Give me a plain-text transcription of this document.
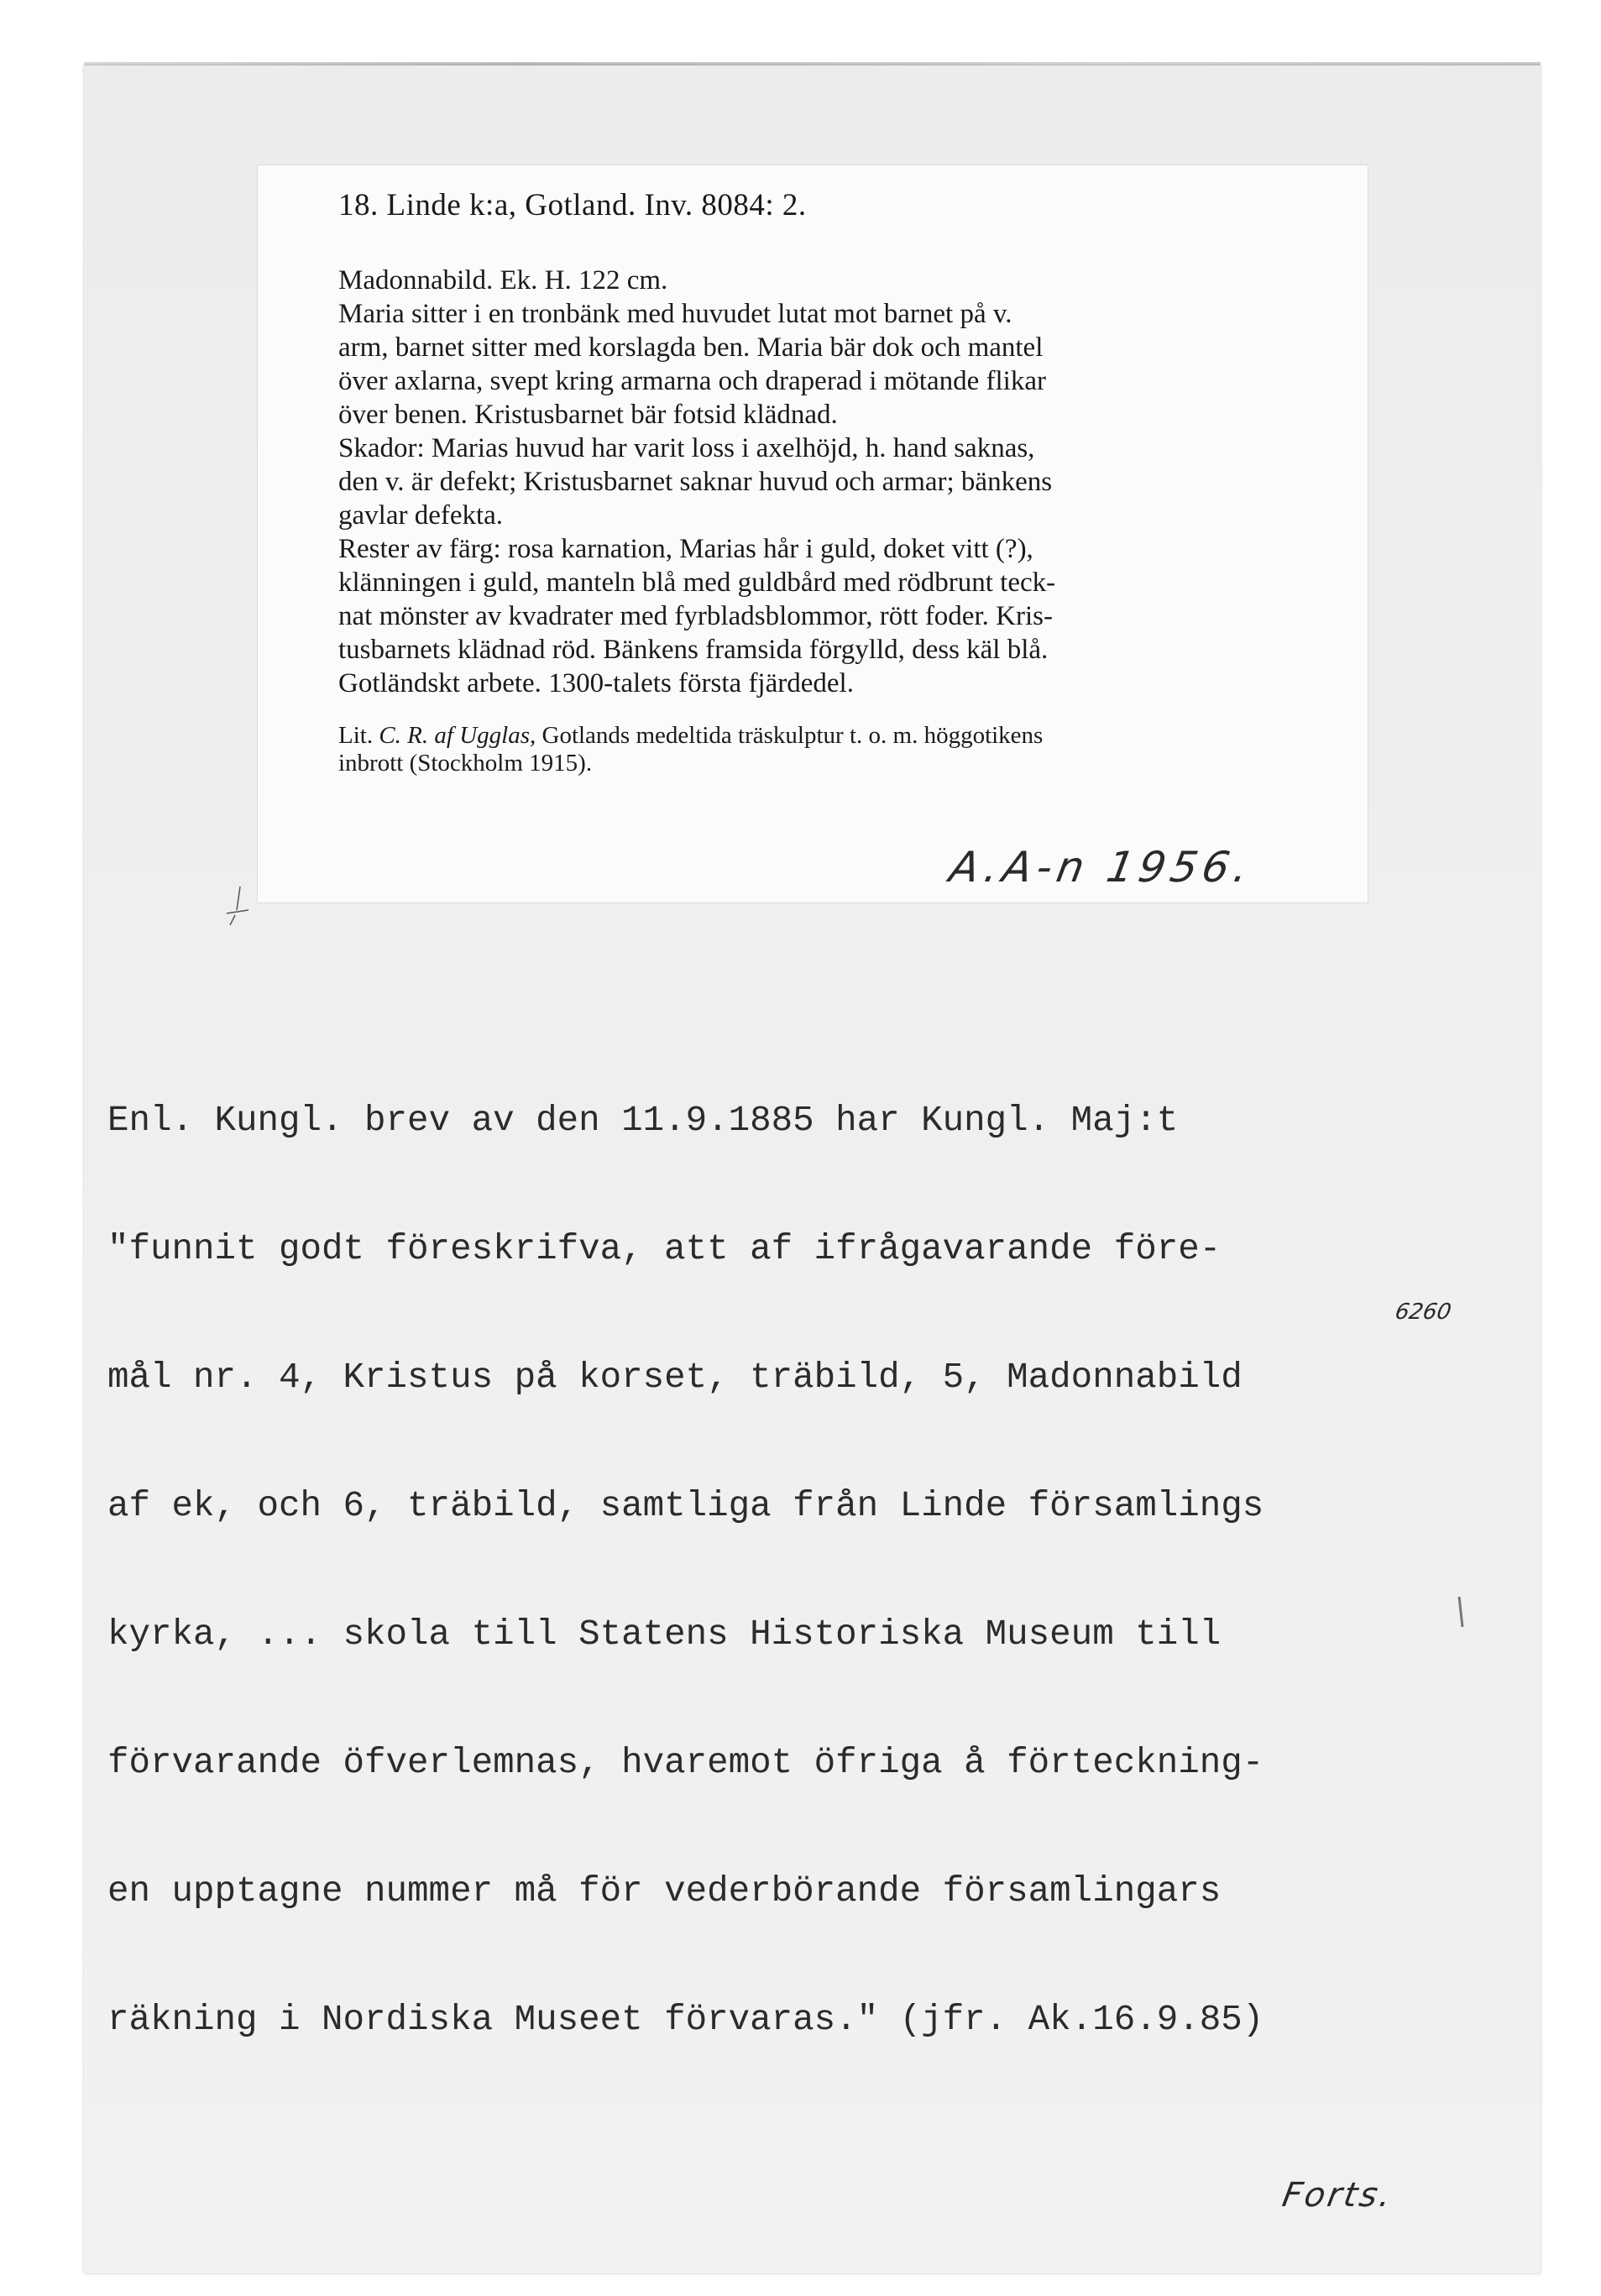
18. Linde k:a, Gotland. Inv. 8084: 2.
Madonnabild. Ek. H. 122 cm.
Maria sitter i en tronbänk med huvudet lutat mot barnet på v.
arm, barnet sitter med korslagda ben. Maria bär dok och mantel
över axlarna, svept kring armarna och draperad i mötande flikar
över benen. Kristusbarnet bär fotsid klädnad.
Skador: Marias huvud har varit loss i axelhöjd, h. hand saknas,
den v. är defekt; Kristusbarnet saknar huvud och armar; bänkens
gavlar defekta.
Rester av färg: rosa karnation, Marias hår i guld, doket vitt (?),
klänningen i guld, manteln blå med guldbård med rödbrunt teck-
nat mönster av kvadrater med fyrbladsblommor, rött foder. Kris-
tusbarnets klädnad röd. Bänkens framsida förgylld, dess käl blå.
Gotländskt arbete. 1300-talets första fjärdedel.
Lit. C. R. af Ugglas, Gotlands medeltida träskulptur t. o. m. höggotikens
inbrott (Stockholm 1915).
A.A-n 1956.

Enl. Kungl. brev av den 11.9.1885 har Kungl. Maj:t

"funnit godt föreskrifva, att af ifrågavarande före-

mål nr. 4, Kristus på korset, träbild, 5, Madonnabild

af ek, och 6, träbild, samtliga från Linde församlings

kyrka, ... skola till Statens Historiska Museum till

förvarande öfverlemnas, hvaremot öfriga å förteckning-

en upptagne nummer må för vederbörande församlingars

räkning i Nordiska Museet förvaras." (jfr. Ak.16.9.85)

6260
Forts.
